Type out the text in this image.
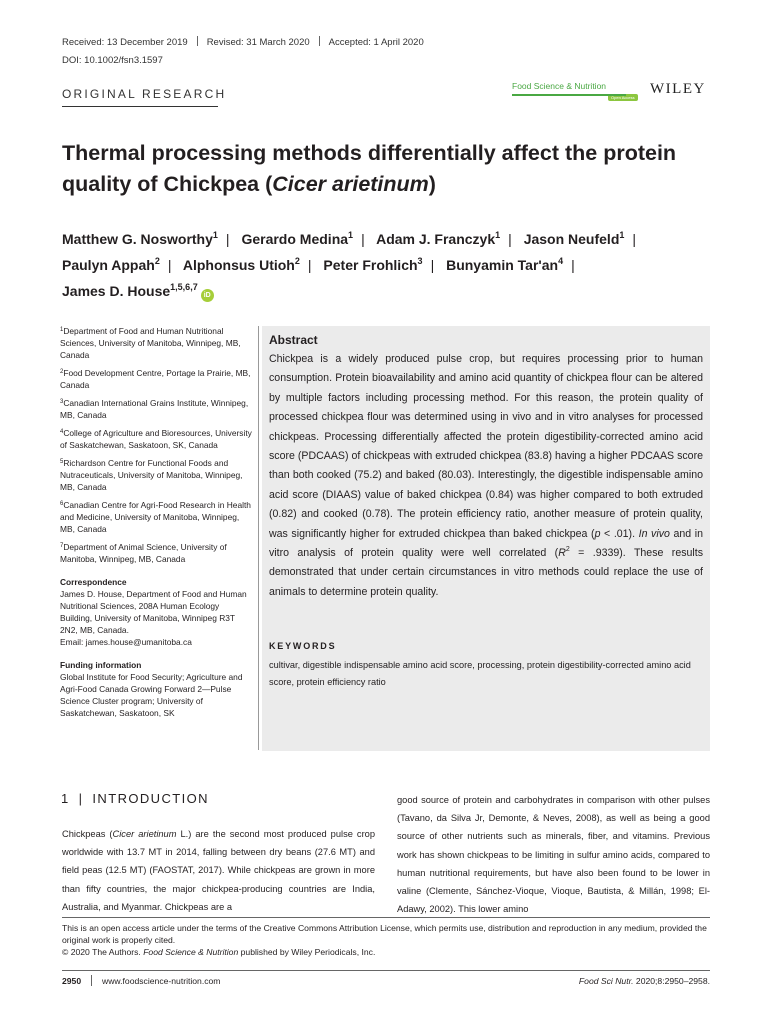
Received: 13 December 2019 Revised: 31 March 2020 Accepted: 1 April 2020
DOI: 10.1002/fsn3.1597
ORIGINAL RESEARCH
Food Science & NutritionOpen Access
WILEY
Thermal processing methods differentially affect the protein quality of Chickpea (Cicer arietinum)
Matthew G. Nosworthy$^1$ | Gerardo Medina$^1$ | Adam J. Franczyk$^1$ | Jason Neufeld$^1$ |
Paulyn Appah$^2$ | Alphonsus Utioh$^2$ | Peter Frohlich$^3$ | Bunyamin $Tar'an^4$ |
James D. House$^{1,5,6,7}$iD
$^1$Department of Food and Human Nutritional Sciences, University of Manitoba, Winnipeg, MB, Canada
$^2$Food Development Centre, Portage la Prairie, MB, Canada
$^3$Canadian International Grains Institute, Winnipeg, MB, Canada
$^4$College of Agriculture and Bioresources, University of Saskatchewan, Saskatoon, SK, Canada
$^5$Richardson Centre for Functional Foods and Nutraceuticals, University of Manitoba, Winnipeg, MB, Canada
$^6$Canadian Centre for Agri-Food Research in Health and Medicine, University of Manitoba, Winnipeg, MB, Canada
$^7$Department of Animal Science, University of Manitoba, Winnipeg, MB, Canada
Correspondence
James D. House, Department of Food and Human Nutritional Sciences, 208A Human Ecology Building, University of Manitoba, Winnipeg R3T 2N2, MB, Canada.
Email: james.house@umanitoba.ca
Funding information
Global Institute for Food Security; Agriculture and Agri-Food Canada Growing Forward 2—Pulse Science Cluster program; University of Saskatchewan, Saskatoon, SK
Abstract
Chickpea is a widely produced pulse crop, but requires processing prior to human consumption. Protein bioavailability and amino acid quantity of chickpea flour can be altered by multiple factors including processing method. For this reason, the protein quality of processed chickpea flour was determined using in vivo and in vitro analyses for processed chickpeas. Processing differentially affected the protein digestibility-corrected amino acid score (PDCAAS) of chickpeas with extruded chickpea (83.8) having a higher PDCAAS score than both cooked (75.2) and baked (80.03). Interestingly, the digestible indispensable amino acid score (DIAAS) value of baked chickpea (0.84) was higher compared to both extruded (0.82) and cooked (0.78). The protein efficiency ratio, another measure of protein quality, was significantly higher for extruded chickpea than baked chickpea (p < .01). In vivo and in vitro analysis of protein quality were well correlated $(R^2 = .9339)$. These results demonstrated that under certain circumstances in vitro methods could replace the use of animals to determine protein quality.
KEYWORDS
cultivar, digestible indispensable amino acid score, processing, protein digestibility-corrected amino acid score, protein efficiency ratio
1 | INTRODUCTION
Chickpeas (Cicer arietinum L.) are the second most produced pulse crop worldwide with 13.7 MT in 2014, falling between dry beans (27.6 MT) and field peas (12.5 MT) (FAOSTAT, 2017). While chickpeas are grown in more than fifty countries, the major chickpea-producing countries are India, Australia, and Myanmar. Chickpeas are a
good source of protein and carbohydrates in comparison with other pulses (Tavano, da Silva Jr, Demonte, & Neves, 2008), as well as being a good source of other nutrients such as minerals, fiber, and vitamins. Previous work has shown chickpeas to be limiting in sulfur amino acids, compared to human nutritional requirements, but have also been found to be lower in valine (Clemente, Sánchez-Vioque, Vioque, Bautista, & Millán, 1998; El-Adawy, 2002). This lower amino
This is an open access article under the terms of the Creative Commons Attribution License, which permits use, distribution and reproduction in any medium, provided the original work is properly cited.
© 2020 The Authors. Food Science & Nutrition published by Wiley Periodicals, Inc.
2950 www.foodscience-nutrition.com	Food Sci Nutr. 2020;8:2950–2958.
